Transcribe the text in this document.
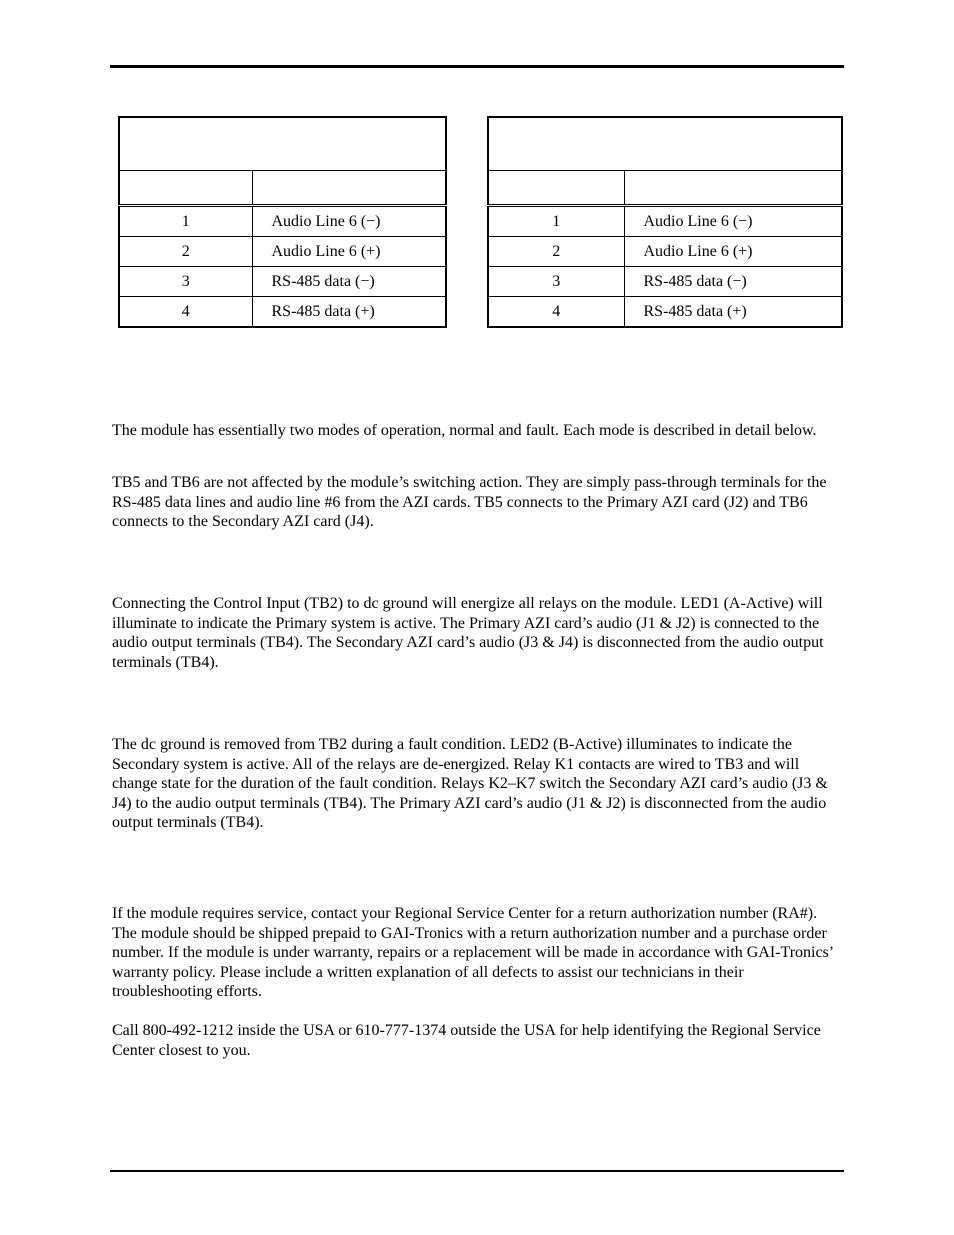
1	Audio Line 6 (−)
2	Audio Line 6 (+)
3	RS-485 data (−)
4	RS-485 data (+)

1	Audio Line 6 (−)
2	Audio Line 6 (+)
3	RS-485 data (−)
4	RS-485 data (+)

The module has essentially two modes of operation, normal and fault. Each mode is described in detail below.

TB5 and TB6 are not affected by the module’s switching action. They are simply pass-through terminals for the RS-485 data lines and audio line #6 from the AZI cards. TB5 connects to the Primary AZI card (J2) and TB6 connects to the Secondary AZI card (J4).

Connecting the Control Input (TB2) to dc ground will energize all relays on the module. LED1 (A-Active) will illuminate to indicate the Primary system is active. The Primary AZI card’s audio (J1 & J2) is connected to the audio output terminals (TB4). The Secondary AZI card’s audio (J3 & J4) is disconnected from the audio output terminals (TB4).

The dc ground is removed from TB2 during a fault condition. LED2 (B-Active) illuminates to indicate the Secondary system is active. All of the relays are de-energized. Relay K1 contacts are wired to TB3 and will change state for the duration of the fault condition. Relays K2–K7 switch the Secondary AZI card’s audio (J3 & J4) to the audio output terminals (TB4). The Primary AZI card’s audio (J1 & J2) is disconnected from the audio output terminals (TB4).

If the module requires service, contact your Regional Service Center for a return authorization number (RA#). The module should be shipped prepaid to GAI-Tronics with a return authorization number and a purchase order number. If the module is under warranty, repairs or a replacement will be made in accordance with GAI-Tronics’ warranty policy. Please include a written explanation of all defects to assist our technicians in their troubleshooting efforts.

Call 800-492-1212 inside the USA or 610-777-1374 outside the USA for help identifying the Regional Service Center closest to you.
